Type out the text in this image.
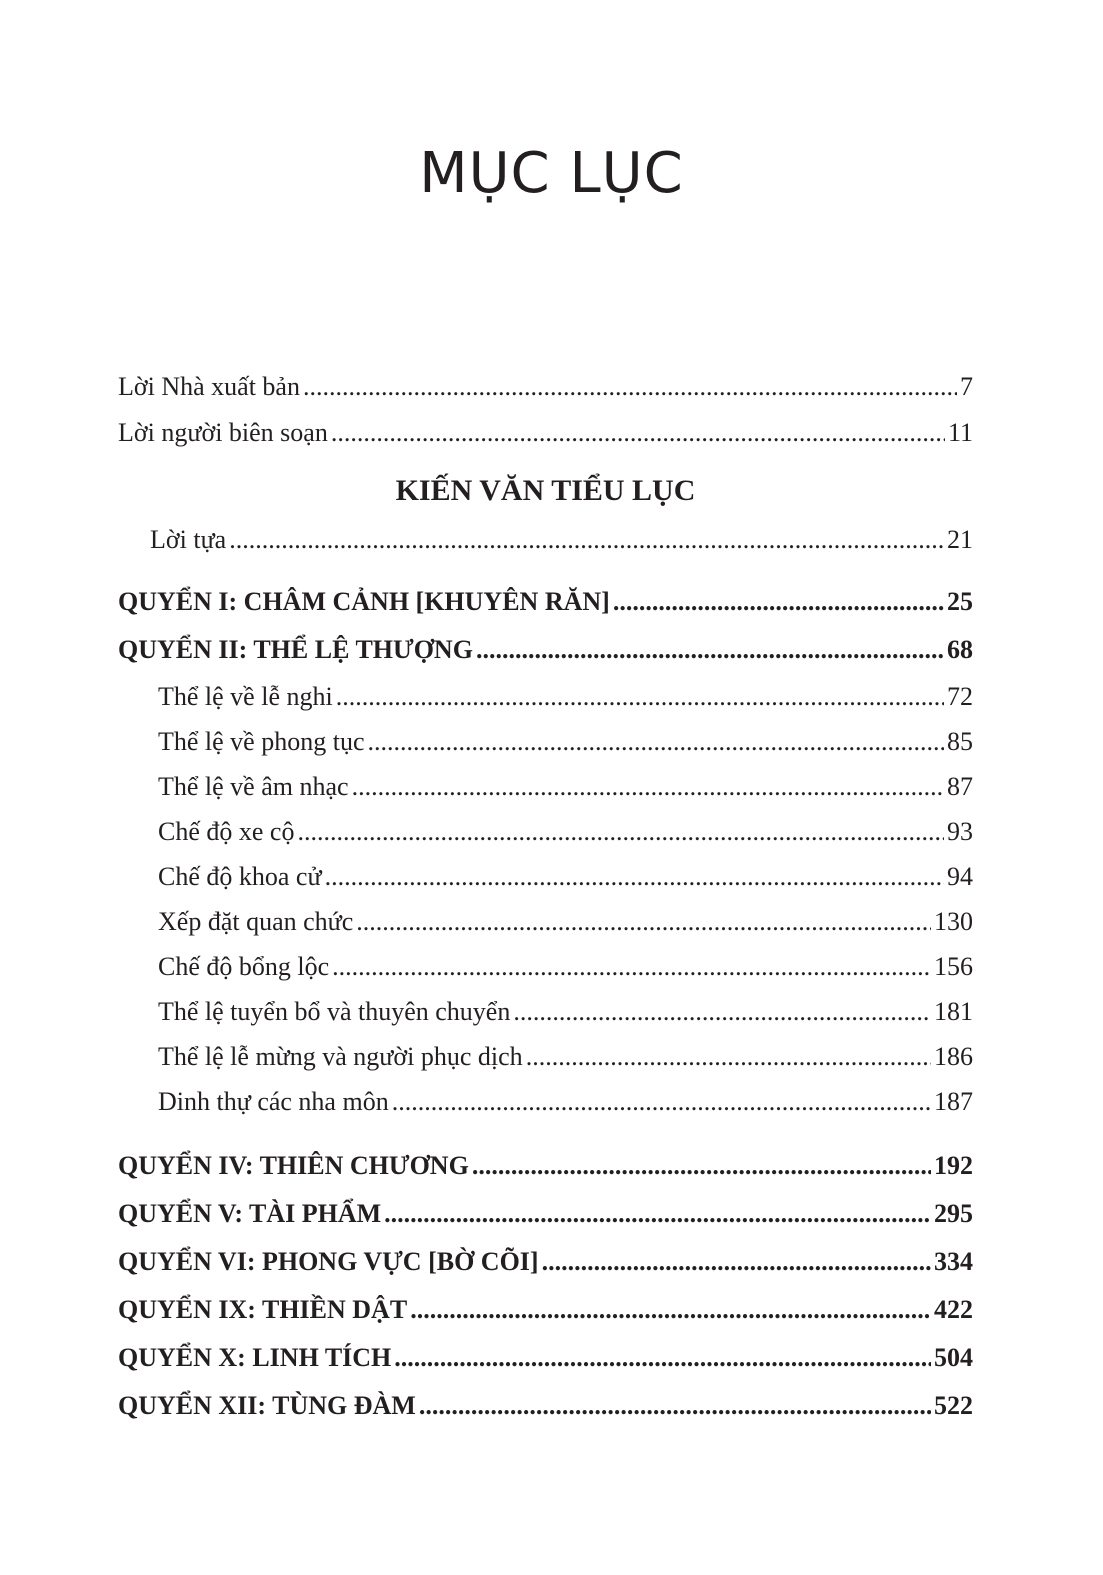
MỤC LỤC
Lời Nhà xuất bản .....	7
Lời người biên soạn .....	11
KIẾN VĂN TIỂU LỤC
Lời tựa .....	21
QUYỂN I: CHÂM CẢNH [KHUYÊN RĂN] .....	25
QUYỂN II: THỂ LỆ THƯỢNG .....	68
Thể lệ về lễ nghi .....	72
Thể lệ về phong tục .....	85
Thể lệ về âm nhạc .....	87
Chế độ xe cộ .....	93
Chế độ khoa cử .....	94
Xếp đặt quan chức .....	130
Chế độ bổng lộc .....	156
Thể lệ tuyển bổ và thuyên chuyển .....	181
Thể lệ lễ mừng và người phục dịch .....	186
Dinh thự các nha môn .....	187
QUYỂN IV: THIÊN CHƯƠNG .....	192
QUYỂN V: TÀI PHẨM .....	295
QUYỂN VI: PHONG VỰC [BỜ CÕI] .....	334
QUYỂN IX: THIỀN DẬT .....	422
QUYỂN X: LINH TÍCH .....	504
QUYỂN XII: TÙNG ĐÀM .....	522
